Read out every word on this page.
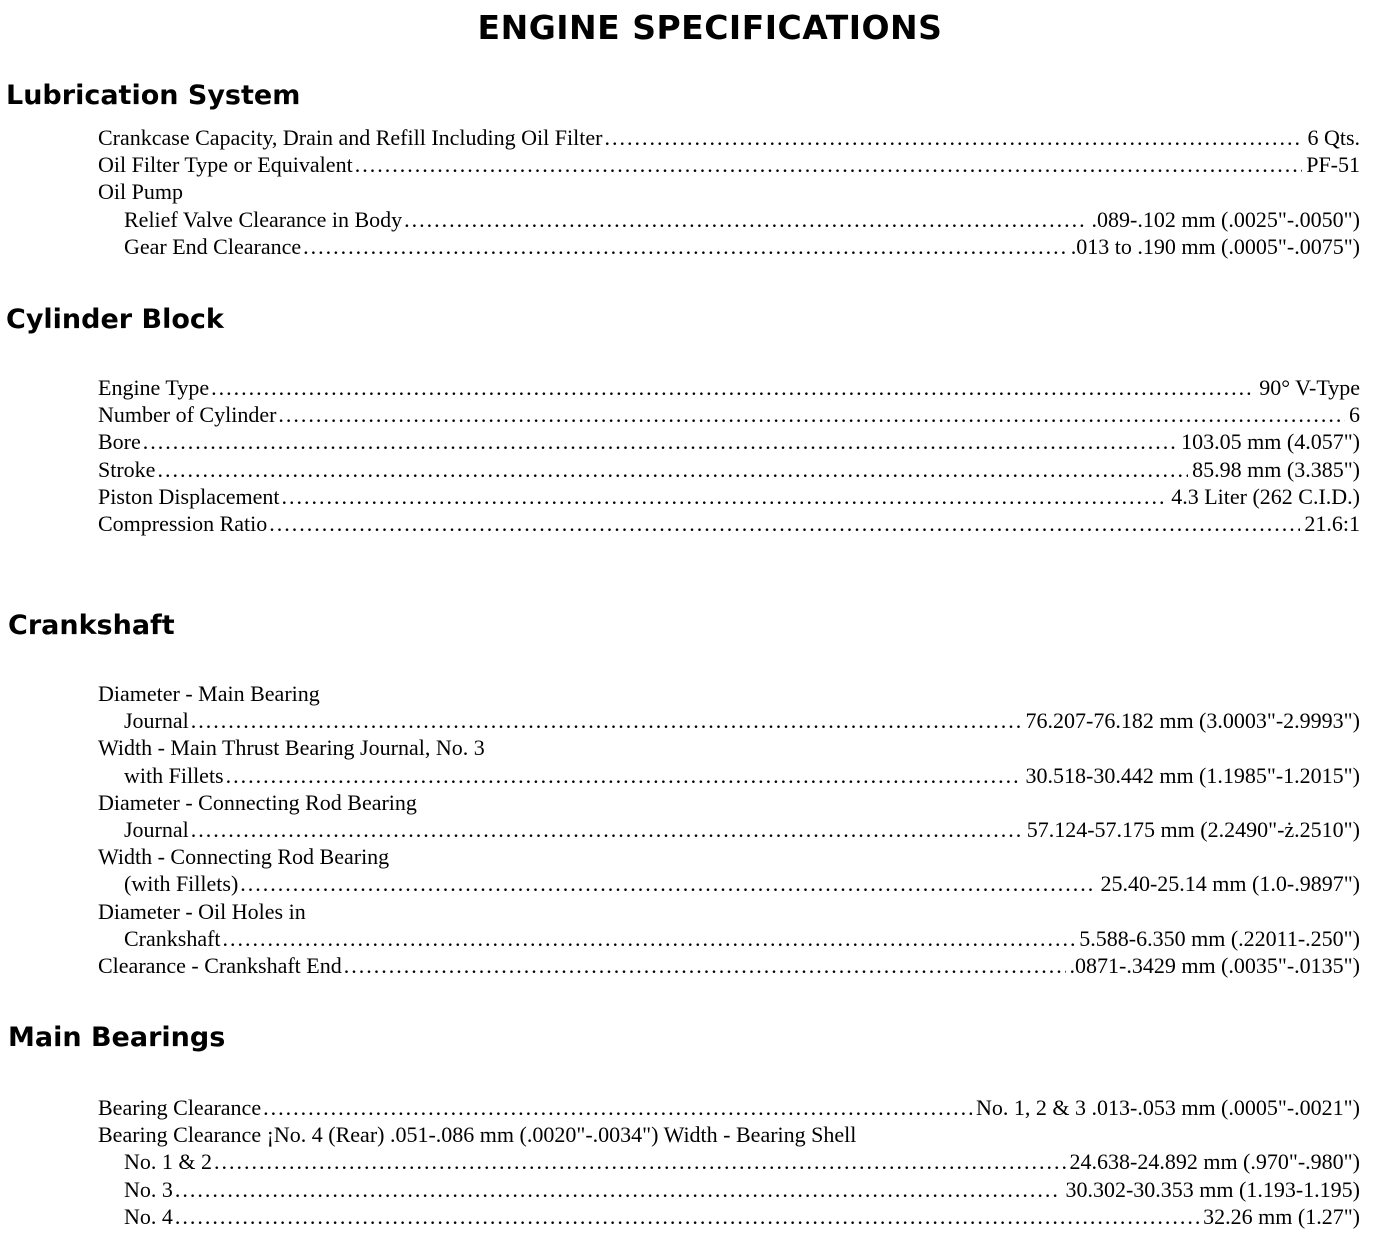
ENGINE SPECIFICATIONS
Lubrication System
Crankcase Capacity, Drain and Refill Including Oil Filter .....	6 Qts.
Oil Filter Type or Equivalent .....	PF-51
Oil Pump
Relief Valve Clearance in Body .....	.089-.102 mm (.0025"-.0050")
Gear End Clearance .....	.013 to .190 mm (.0005"-.0075")
Cylinder Block
Engine Type .....	90° V-Type
Number of Cylinder .....	6
Bore .....	103.05 mm (4.057")
Stroke .....	85.98 mm (3.385")
Piston Displacement .....	4.3 Liter (262 C.I.D.)
Compression Ratio .....	21.6:1
Crankshaft
Diameter - Main Bearing
Journal .....	76.207-76.182 mm (3.0003"-2.9993")
Width - Main Thrust Bearing Journal, No. 3
with Fillets .....	30.518-30.442 mm (1.1985"-1.2015")
Diameter - Connecting Rod Bearing
Journal .....	57.124-57.175 mm (2.2490"-ż.2510")
Width - Connecting Rod Bearing
(with Fillets) .....	25.40-25.14 mm (1.0-.9897")
Diameter - Oil Holes in
Crankshaft .....	5.588-6.350 mm (.22011-.250")
Clearance - Crankshaft End .....	.0871-.3429 mm (.0035"-.0135")
Main Bearings
Bearing Clearance .....	No. 1, 2 & 3 .013-.053 mm (.0005"-.0021")
Bearing Clearance ¡No. 4 (Rear) .051-.086 mm (.0020"-.0034") Width - Bearing Shell
No. 1 & 2 .....	24.638-24.892 mm (.970"-.980")
No. 3 .....	30.302-30.353 mm (1.193-1.195)
No. 4 .....	32.26 mm (1.27")
